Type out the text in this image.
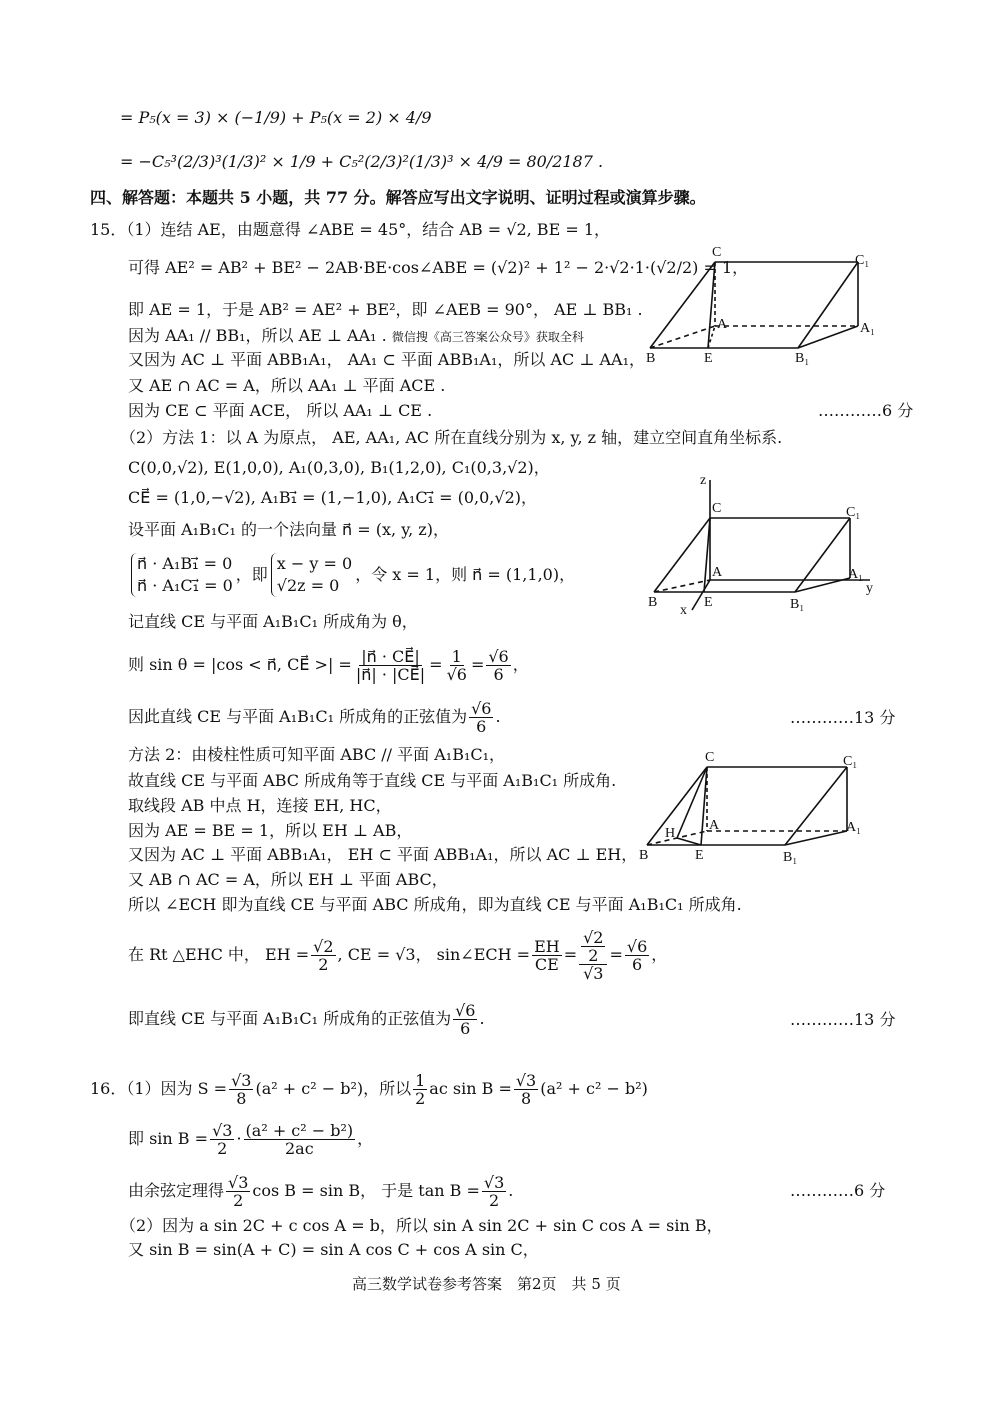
= P₅(x = 3) × (−1/9) + P₅(x = 2) × 4/9
= −C₅³(2/3)³(1/3)² × 1/9 + C₅²(2/3)²(1/3)³ × 4/9 = 80/2187 .
四、解答题：本题共 5 小题，共 77 分。解答应写出文字说明、证明过程或演算步骤。
15．（1）连结 AE，由题意得 ∠ABE = 45°，结合 AB = √2, BE = 1，
可得 AE² = AB² + BE² − 2AB·BE·cos∠ABE = (√2)² + 1² − 2·√2·1·(√2/2) = 1，
即 AE = 1，于是 AB² = AE² + BE²，即 ∠AEB = 90°， AE ⊥ BB₁ .
因为 AA₁ // BB₁，所以 AE ⊥ AA₁ . 微信搜《高三答案公众号》获取全科
又因为 AC ⊥ 平面 ABB₁A₁， AA₁ ⊂ 平面 ABB₁A₁，所以 AC ⊥ AA₁，
又 AE ∩ AC = A，所以 AA₁ ⊥ 平面 ACE .
因为 CE ⊂ 平面 ACE， 所以 AA₁ ⊥ CE .	…………6 分
（2）方法 1：以 A 为原点， AE, AA₁, AC 所在直线分别为 x, y, z 轴，建立空间直角坐标系.
C(0,0,√2), E(1,0,0), A₁(0,3,0), B₁(1,2,0), C₁(0,3,√2)，
CE⃗ = (1,0,−√2), A₁B₁⃗ = (1,−1,0), A₁C₁⃗ = (0,0,√2)，
设平面 A₁B₁C₁ 的一个法向量 n⃗ = (x, y, z)，
n⃗ · A₁B₁⃗ = 0
n⃗ · A₁C₁⃗ = 0
，即
x − y = 0
√2z = 0
，令 x = 1，则 n⃗ = (1,1,0)，
记直线 CE 与平面 A₁B₁C₁ 所成角为 θ，
则 sin θ = |cos < n⃗, CE⃗ >| = $\frac{|n⃗ \cdot CE⃗|}{|n⃗| \cdot |CE⃗|} = \frac{1}{√6} = \frac{√6}{6}$ ，
因此直线 CE 与平面 A₁B₁C₁ 所成角的正弦值为 √6
6 .	…………13 分
方法 2：由棱柱性质可知平面 ABC // 平面 A₁B₁C₁，
故直线 CE 与平面 ABC 所成角等于直线 CE 与平面 A₁B₁C₁ 所成角.
取线段 AB 中点 H，连接 EH, HC，
因为 AE = BE = 1，所以 EH ⊥ AB，
又因为 AC ⊥ 平面 ABB₁A₁， EH ⊂ 平面 ABB₁A₁，所以 AC ⊥ EH，
又 AB ∩ AC = A，所以 EH ⊥ 平面 ABC，
所以 ∠ECH 即为直线 CE 与平面 ABC 所成角，即为直线 CE 与平面 A₁B₁C₁ 所成角.
在 Rt △EHC 中， EH = $\frac{√2}{2}$ , CE = √3， sin∠ECH = $\frac{EH}{CE} = \frac{\frac{√2}{2}}{√3} = \frac{√6}{6}$ ，
即直线 CE 与平面 A₁B₁C₁ 所成角的正弦值为 √6
6 .	…………13 分
16．（1）因为 $S = \frac{√3}{8} (a^2 + c^2 - b^2)$，所以 1
2 ac $\sin B = \frac{√3}{8} (a^2 + c^2 - b^2)$
即 $\sin B = \frac{√3}{2} \cdot (a^2 + c^2 - b^2)$
2ac	，
由余弦定理得 √3
2 cos B = sin B， 于是 $\tan B = \frac{√3}{2}$ .	…………6 分
（2）因为 a sin 2C + c cos A = b，所以 sin A sin 2C + sin C cos A = sin B，
又 sin B = sin(A + C) = sin A cos C + cos A sin C，
高三数学试卷参考答案　第2页　共 5 页
C
C₁
A	A₁
B	E	B₁
z
C	C₁
A	A₁
y
B	E
x	B₁
C	C₁
A	A₁
H
B	E	B₁
